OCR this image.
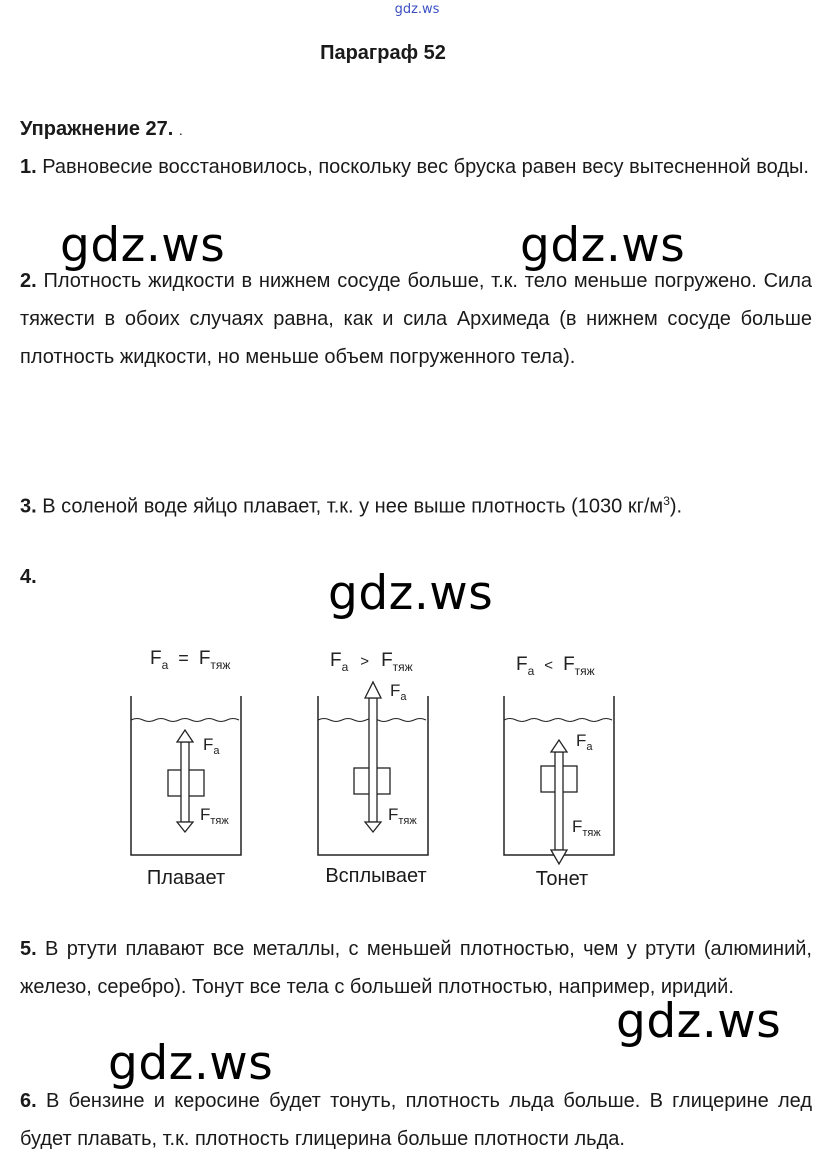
gdz.ws
Параграф 52
Упражнение 27. .
1. Равновесие восстановилось, поскольку вес бруска равен весу вытесненной воды.
2. Плотность жидкости в нижнем сосуде больше, т.к. тело меньше погружено. Сила тяжести в обоих случаях равна, как и сила Архимеда (в нижнем сосуде больше плотность жидкости, но меньше объем погруженного тела).
3. В соленой воде яйцо плавает, т.к. у нее выше плотность (1030 $кг/м^3$).
4.
$F_a = F_{тяж}$
$F_a$
$F_{тяж}$
$F_a$ > $F_{тяж}$
$F_a$
$F_{тяж}$
$F_a$ < $F_{тяж}$
$F_a$
$F_{тяж}$
Плавает	Всплывает	Тонет
5. В ртути плавают все металлы, с меньшей плотностью, чем у ртути (алюминий, железо, серебро). Тонут все тела с большей плотностью, например, иридий.
6. В бензине и керосине будет тонуть, плотность льда больше. В глицерине лед будет плавать, т.к. плотность глицерина больше плотности льда.
gdz.ws	gdz.ws
gdz.ws
gdz.ws
gdz.ws
